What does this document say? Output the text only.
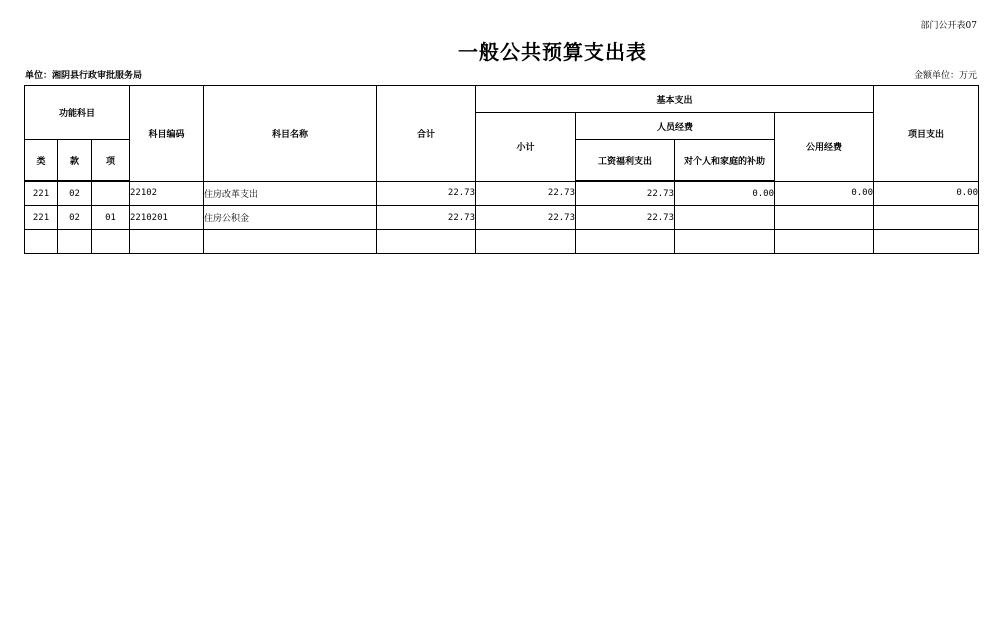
部门公开表07
一般公共预算支出表
单位：湘阴县行政审批服务局	金额单位：万元
功能科目			科目编码	科目名称	合计	基本支出				项目支出
						小计	人员经费		公用经费	
类	款	项					工资福利支出	对个人和家庭的补助		
221	02		22102	住房改革支出	22.73	22.73	22.73	0.00	0.00	0.00
221	02	01	2210201	住房公积金	22.73	22.73	22.73			
